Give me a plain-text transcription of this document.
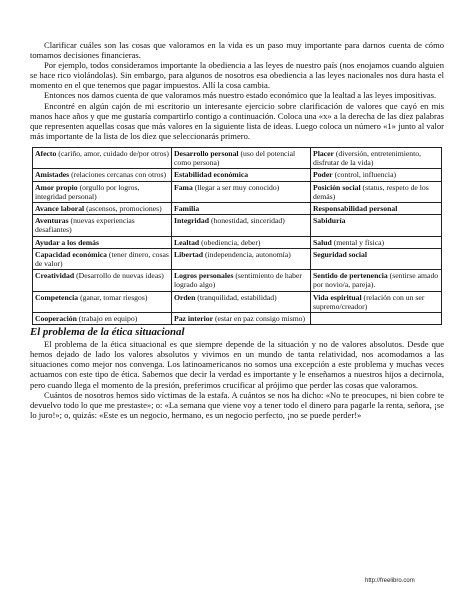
Clarificar cuáles son las cosas que valoramos en la vida es un paso muy importante para darnos cuenta de cómo tomamos decisiones financieras.

Por ejemplo, todos consideramos importante la obediencia a las leyes de nuestro país (nos enojamos cuando alguien se hace rico violándolas). Sin embargo, para algunos de nosotros esa obediencia a las leyes nacionales nos dura hasta el momento en el que tenemos que pagar impuestos. Allí la cosa cambia.

Entonces nos damos cuenta de que valoramos más nuestro estado económico que la lealtad a las leyes impositivas.

Encontré en algún cajón de mi escritorio un interesante ejercicio sobre clarificación de valores que cayó en mis manos hace años y que me gustaría compartirlo contigo a continuación. Coloca una «x» a la derecha de las diez palabras que representen aquellas cosas que más valores en la siguiente lista de ideas. Luego coloca un número «1» junto al valor más importante de la lista de los diez que seleccionarás primero.

Afecto (cariño, amor, cuidado de/por otros)	Desarrollo personal (uso del potencial como persona)	Placer (diversión, entretenimiento, disfrutar de la vida)
Amistades (relaciones cercanas con otros)	Estabilidad económica	Poder (control, influencia)
Amor propio (orgullo por logros, integridad personal)	Fama (llegar a ser muy conocido)	Posición social (status, respeto de los demás)
Avance laboral (ascensos, promociones)	Familia	Responsabilidad personal
Aventuras (nuevas experiencias desafiantes)	Integridad (honestidad, sinceridad)	Sabiduría
Ayudar a los demás	Lealtad (obediencia, deber)	Salud (mental y física)
Capacidad económica (tener dinero, cosas de valor)	Libertad (independencia, autonomía)	Seguridad social
Creatividad (Desarrollo de nuevas ideas)	Logros personales (sentimiento de haber logrado algo)	Sentido de pertenencia (sentirse amado por novio/a, pareja).
Competencia (ganar, tomar riesgos)	Orden (tranquilidad, estabilidad)	Vida espiritual (relación con un ser supremo/creador)
Cooperación (trabajo en equipo)	Paz interior (estar en paz consigo mismo)	
El problema de la ética situacional

El problema de la ética situacional es que siempre depende de la situación y no de valores absolutos. Desde que hemos dejado de lado los valores absolutos y vivimos en un mundo de tanta relatividad, nos acomodamos a las situaciones como mejor nos convenga. Los latinoamericanos no somos una excepción a este problema y muchas veces actuamos con este tipo de ética. Sabemos que decir la verdad es importante y le enseñamos a nuestros hijos a decirnola, pero cuando llega el momento de la presión, preferimos crucificar al prójimo que perder las cosas que valoramos.

Cuántos de nosotros hemos sido víctimas de la estafa. A cuántos se nos ha dicho: «No te preocupes, ni bien cobre te devuelvo todo lo que me prestaste»; o: «La semana que viene voy a tener todo el dinero para pagarle la renta, señora, ¡se lo juro!»; o, quizás: «Este es un negocio, hermano, es un negocio perfecto, ¡no se puede perder!»

http://freelibro.com
